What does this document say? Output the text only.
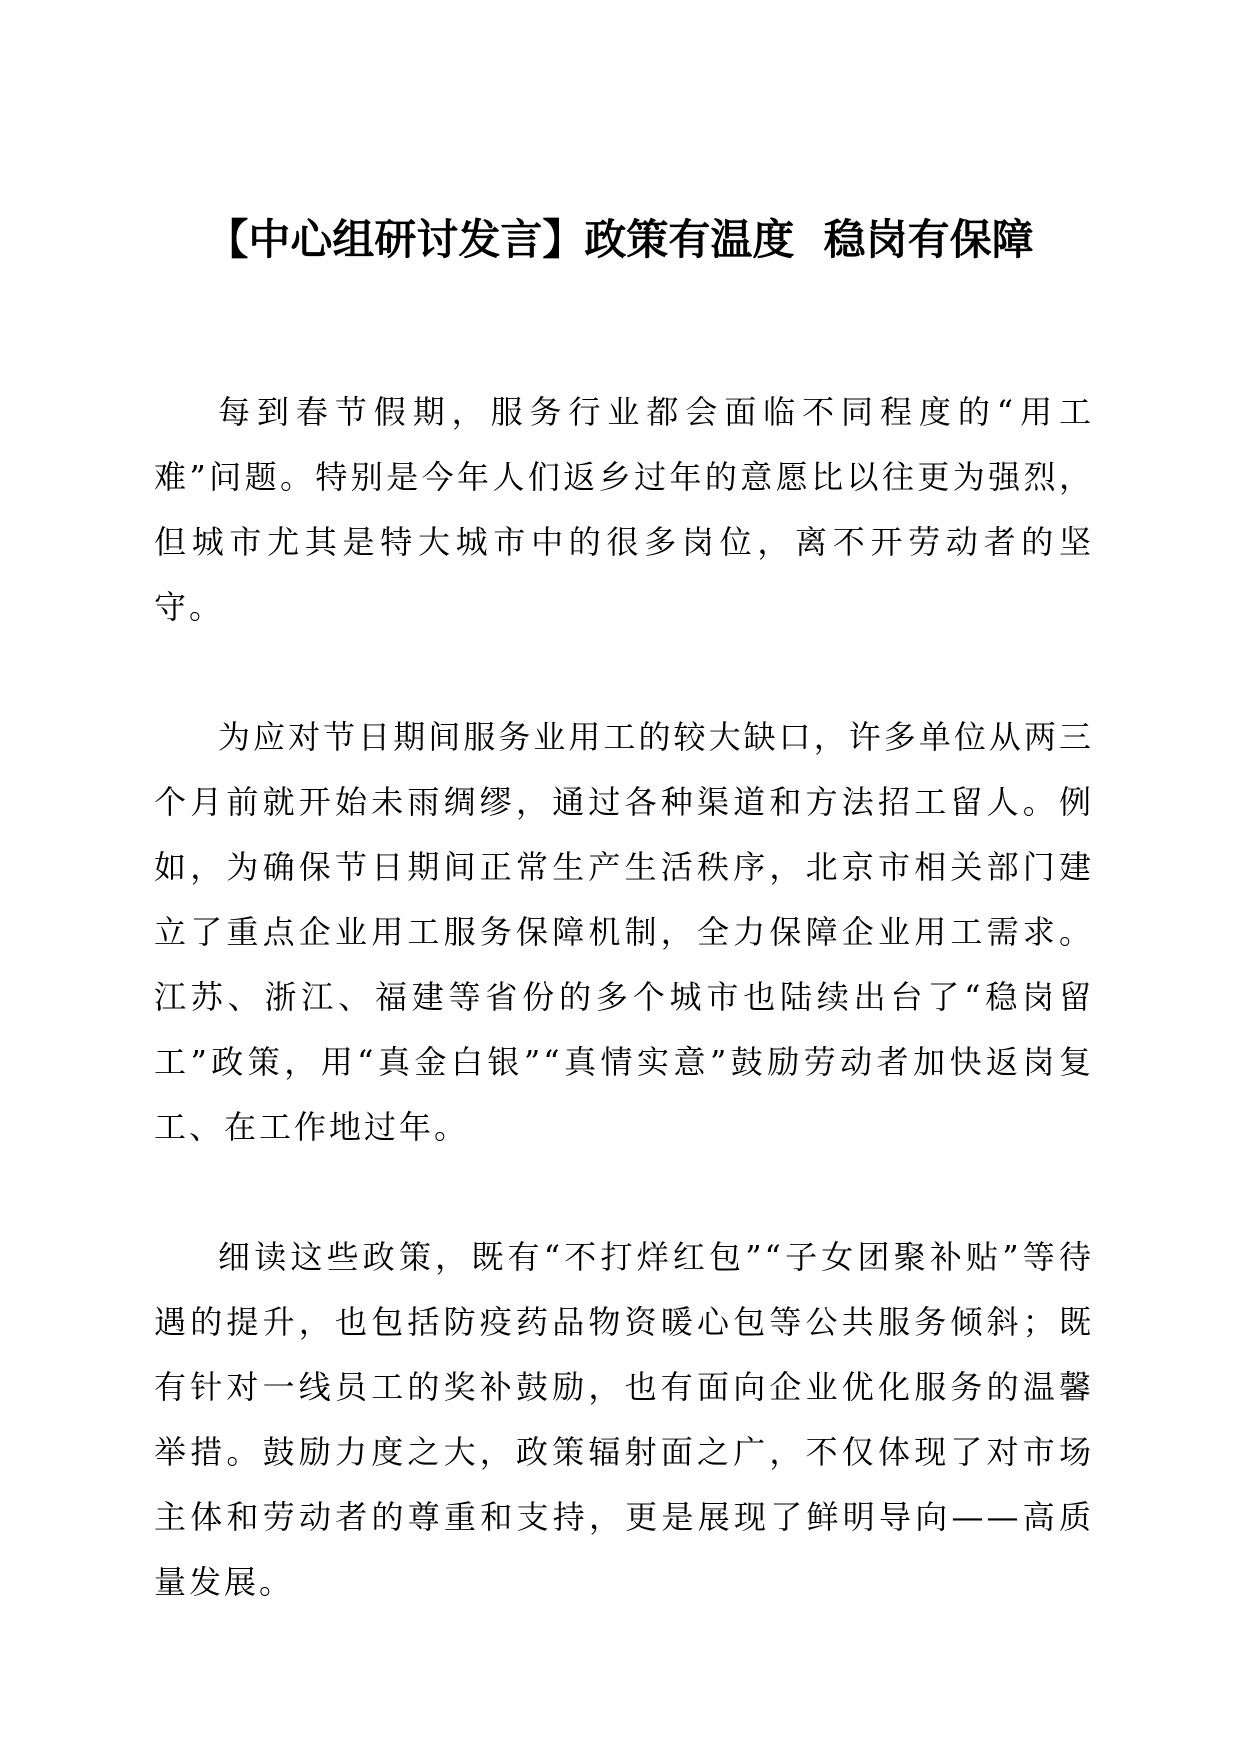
【中心组研讨发言】政策有温度  稳岗有保障

每到春节假期，服务行业都会面临不同程度的“用工难”问题。特别是今年人们返乡过年的意愿比以往更为强烈，但城市尤其是特大城市中的很多岗位，离不开劳动者的坚守。

为应对节日期间服务业用工的较大缺口，许多单位从两三个月前就开始未雨绸缪，通过各种渠道和方法招工留人。例如，为确保节日期间正常生产生活秩序，北京市相关部门建立了重点企业用工服务保障机制，全力保障企业用工需求。江苏、浙江、福建等省份的多个城市也陆续出台了“稳岗留工”政策，用“真金白银”“真情实意”鼓励劳动者加快返岗复工、在工作地过年。

细读这些政策，既有“不打烊红包”“子女团聚补贴”等待遇的提升，也包括防疫药品物资暖心包等公共服务倾斜；既有针对一线员工的奖补鼓励，也有面向企业优化服务的温馨举措。鼓励力度之大，政策辐射面之广，不仅体现了对市场主体和劳动者的尊重和支持，更是展现了鲜明导向——高质量发展。
